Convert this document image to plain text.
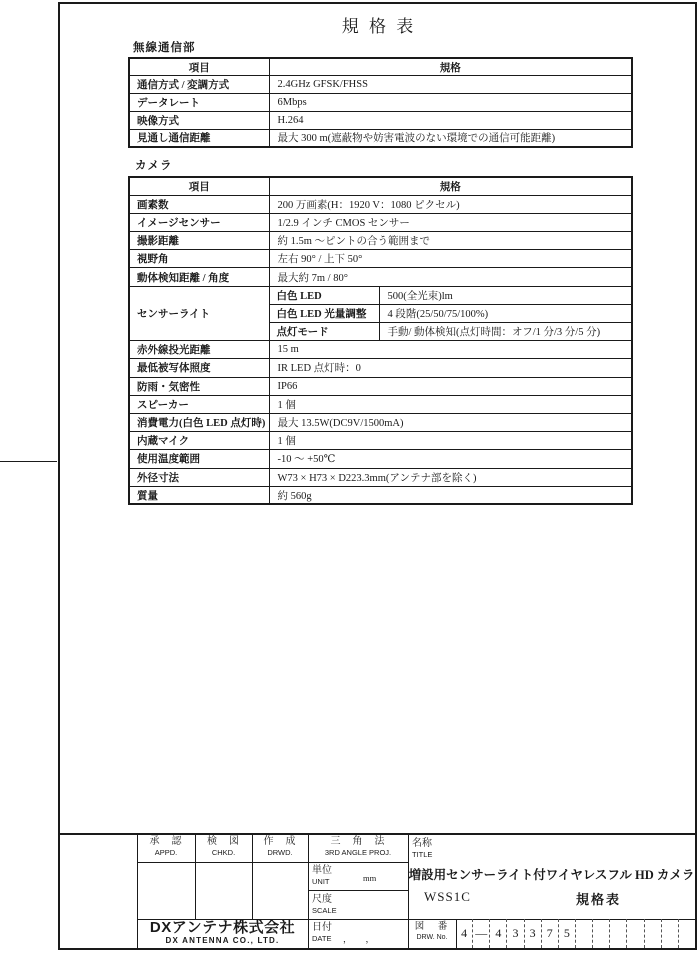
規 格 表
無線通信部
項目	規格
通信方式 / 変調方式	2.4GHz GFSK/FHSS
データレート	6Mbps
映像方式	H.264
見通し通信距離	最大 300 m(遮蔽物や妨害電波のない環境での通信可能距離)
カメラ
項目	規格	
画素数	200 万画素(H：1920 V：1080 ピクセル)	
イメージセンサー	1/2.9 インチ CMOS センサー	
撮影距離	約 1.5m ～ピントの合う範囲まで	
視野角	左右 90° / 上下 50°	
動体検知距離 / 角度	最大約 7m / 80°	
センサーライト	白色 LED	500(全光束)lm
	白色 LED 光量調整	4 段階(25/50/75/100%)
	点灯モード	手動/ 動体検知(点灯時間：オフ/1 分/3 分/5 分)
赤外線投光距離	15 m	
最低被写体照度	IR LED 点灯時：0	
防雨・気密性	IP66	
スピーカー	1 個	
消費電力(白色 LED 点灯時)	最大 13.5W(DC9V/1500mA)	
内蔵マイク	1 個	
使用温度範囲	-10 ～ +50℃	
外径寸法	W73 × H73 × D223.3mm(アンテナ部を除く)	
質量	約 560g	
承　認
APPD.
検　図
CHKD.
作　成
DRWD.
三　角　法
3RD ANGLE PROJ.
単位
UNIT	mm
尺度
SCALE
日付
DATE ，　　，
DXアンテナ株式会社
DX ANTENNA CO., LTD.
名称
TITLE
増設用センサーライト付ワイヤレスフル HD カメラ
WSS1C	規格表
図　番
DRW. No.	4 — 4 3 3 7 5
